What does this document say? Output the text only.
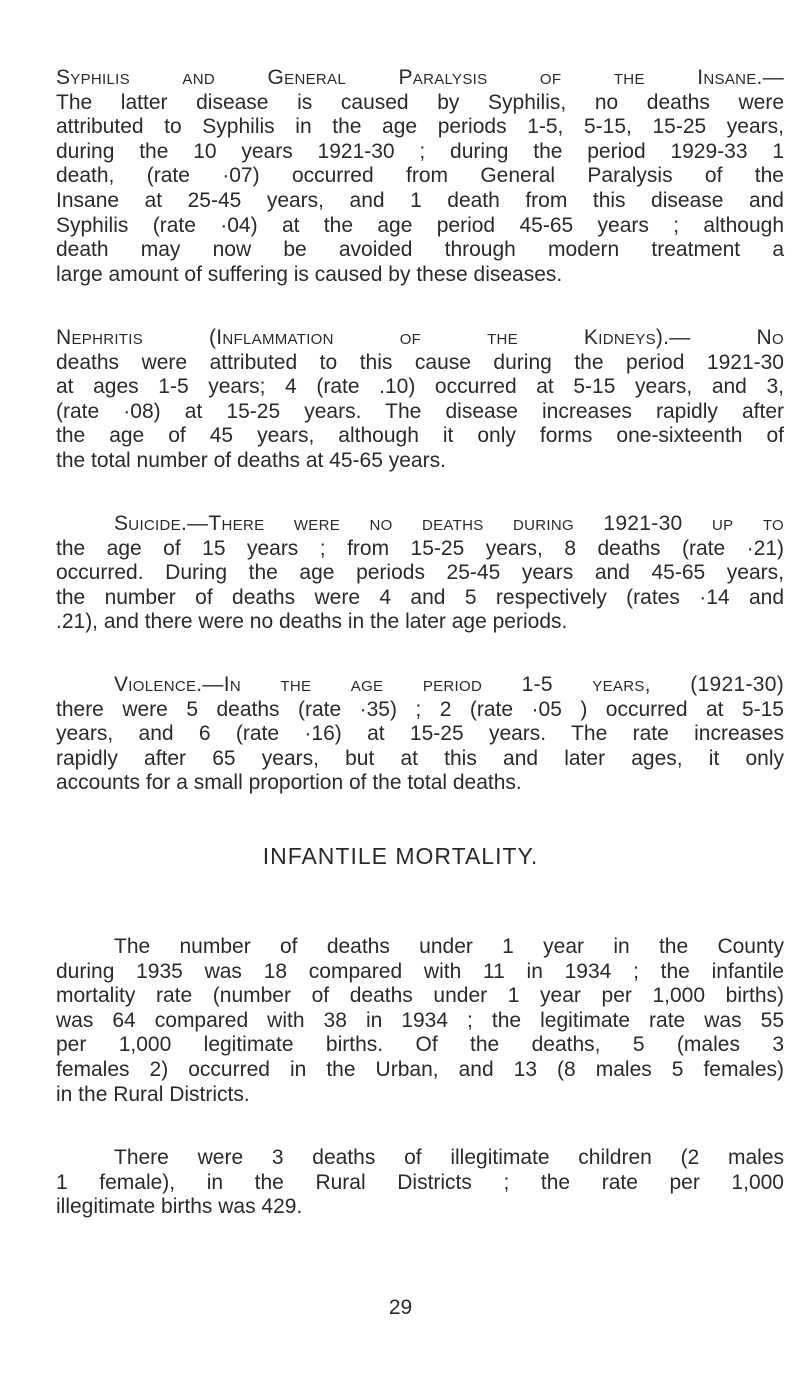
Syphilis and General Paralysis of the Insane.—
The latter disease is caused by Syphilis, no deaths were
attributed to Syphilis in the age periods 1-5, 5-15, 15-25 years,
during the 10 years 1921-30 ; during the period 1929-33 1
death, (rate ·07) occurred from General Paralysis of the
Insane at 25-45 years, and 1 death from this disease and
Syphilis (rate ·04) at the age period 45-65 years ; although
death may now be avoided through modern treatment a
large amount of suffering is caused by these diseases.

Nephritis (Inflammation of the Kidneys).— No
deaths were attributed to this cause during the period 1921-30
at ages 1-5 years; 4 (rate .10) occurred at 5-15 years, and 3,
(rate ·08) at 15-25 years. The disease increases rapidly after
the age of 45 years, although it only forms one-sixteenth of
the total number of deaths at 45-65 years.

Suicide.—There were no deaths during 1921-30 up to
the age of 15 years ; from 15-25 years, 8 deaths (rate ·21)
occurred. During the age periods 25-45 years and 45-65 years,
the number of deaths were 4 and 5 respectively (rates ·14 and
.21), and there were no deaths in the later age periods.

Violence.—In the age period 1-5 years, (1921-30)
there were 5 deaths (rate ·35) ; 2 (rate ·05 ) occurred at 5-15
years, and 6 (rate ·16) at 15-25 years. The rate increases
rapidly after 65 years, but at this and later ages, it only
accounts for a small proportion of the total deaths.

INFANTILE MORTALITY.

The number of deaths under 1 year in the County
during 1935 was 18 compared with 11 in 1934 ; the infantile
mortality rate (number of deaths under 1 year per 1,000 births)
was 64 compared with 38 in 1934 ; the legitimate rate was 55
per 1,000 legitimate births. Of the deaths, 5 (males 3
females 2) occurred in the Urban, and 13 (8 males 5 females)
in the Rural Districts.

There were 3 deaths of illegitimate children (2 males
1 female), in the Rural Districts ; the rate per 1,000
illegitimate births was 429.

29
